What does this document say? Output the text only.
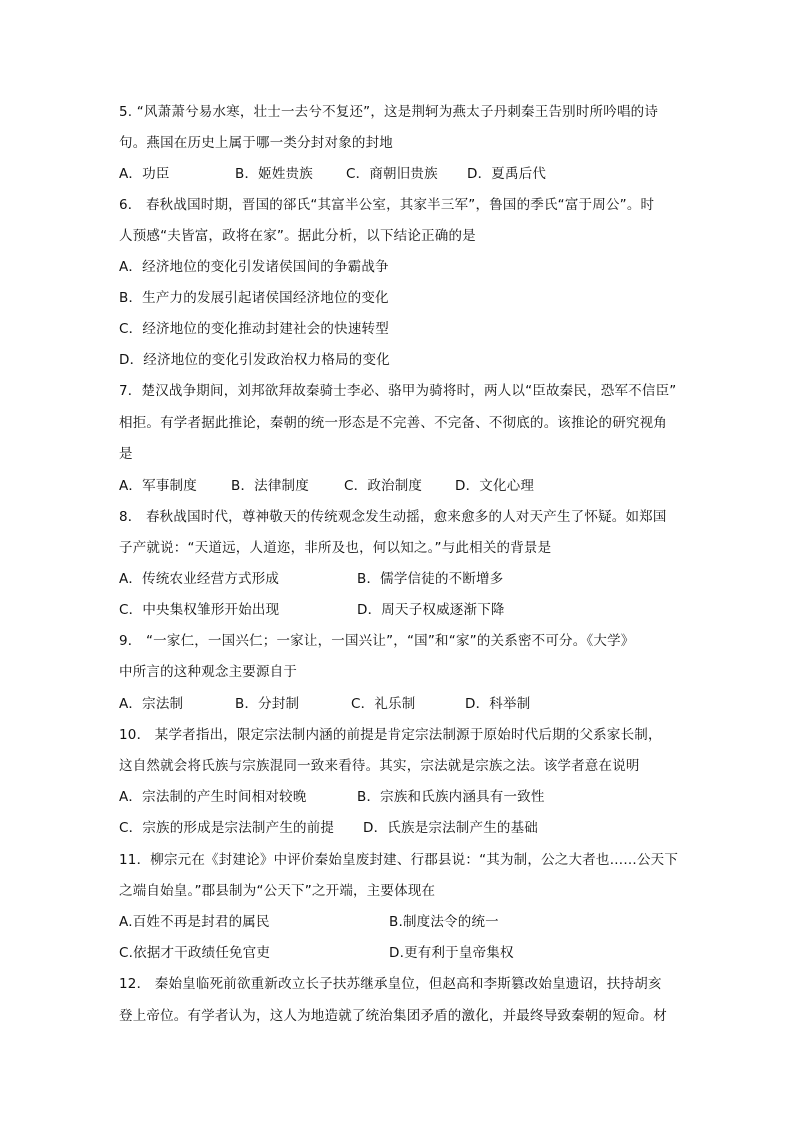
5. “风萧萧兮易水寒，壮士一去兮不复还”，这是荆轲为燕太子丹刺秦王告别时所吟唱的诗
句。燕国在历史上属于哪一类分封对象的封地
A．功臣	B．姬姓贵族 C．商朝旧贵族 D．夏禹后代
6． 春秋战国时期，晋国的郤氏“其富半公室，其家半三军”，鲁国的季氏“富于周公”。时
人预感“夫皆富，政将在家”。据此分析，以下结论正确的是
A．经济地位的变化引发诸侯国间的争霸战争
B．生产力的发展引起诸侯国经济地位的变化
C．经济地位的变化推动封建社会的快速转型
D．经济地位的变化引发政治权力格局的变化
7．楚汉战争期间，刘邦欲拜故秦骑士李必、骆甲为骑将时，两人以“臣故秦民，恐军不信臣”
相拒。有学者据此推论，秦朝的统一形态是不完善、不完备、不彻底的。该推论的研究视角
是
A．军事制度	B．法律制度	C．政治制度 D．文化心理
8． 春秋战国时代，尊神敬天的传统观念发生动摇，愈来愈多的人对天产生了怀疑。如郑国
子产就说：“天道远，人道迩，非所及也，何以知之。”与此相关的背景是
A．传统农业经营方式形成	B．儒学信徒的不断增多
C．中央集权雏形开始出现	D．周天子权威逐渐下降
9． “一家仁，一国兴仁；一家让，一国兴让”，“国”和“家”的关系密不可分。《大学》
中所言的这种观念主要源自于
A．宗法制	B．分封制	C．礼乐制	D．科举制
10． 某学者指出，限定宗法制内涵的前提是肯定宗法制源于原始时代后期的父系家长制，
这自然就会将氏族与宗族混同一致来看待。其实，宗法就是宗族之法。该学者意在说明
A．宗法制的产生时间相对较晚	B．宗族和氏族内涵具有一致性
C．宗族的形成是宗法制产生的前提 D．氏族是宗法制产生的基础
11．柳宗元在《封建论》中评价秦始皇废封建、行郡县说：“其为制，公之大者也……公天下
之端自始皇。”郡县制为“公天下”之开端，主要体现在
A.百姓不再是封君的属民	B.制度法令的统一
C.依据才干政绩任免官吏	D.更有利于皇帝集权
12． 秦始皇临死前欲重新改立长子扶苏继承皇位，但赵高和李斯篡改始皇遗诏，扶持胡亥
登上帝位。有学者认为，这人为地造就了统治集团矛盾的激化，并最终导致秦朝的短命。材
